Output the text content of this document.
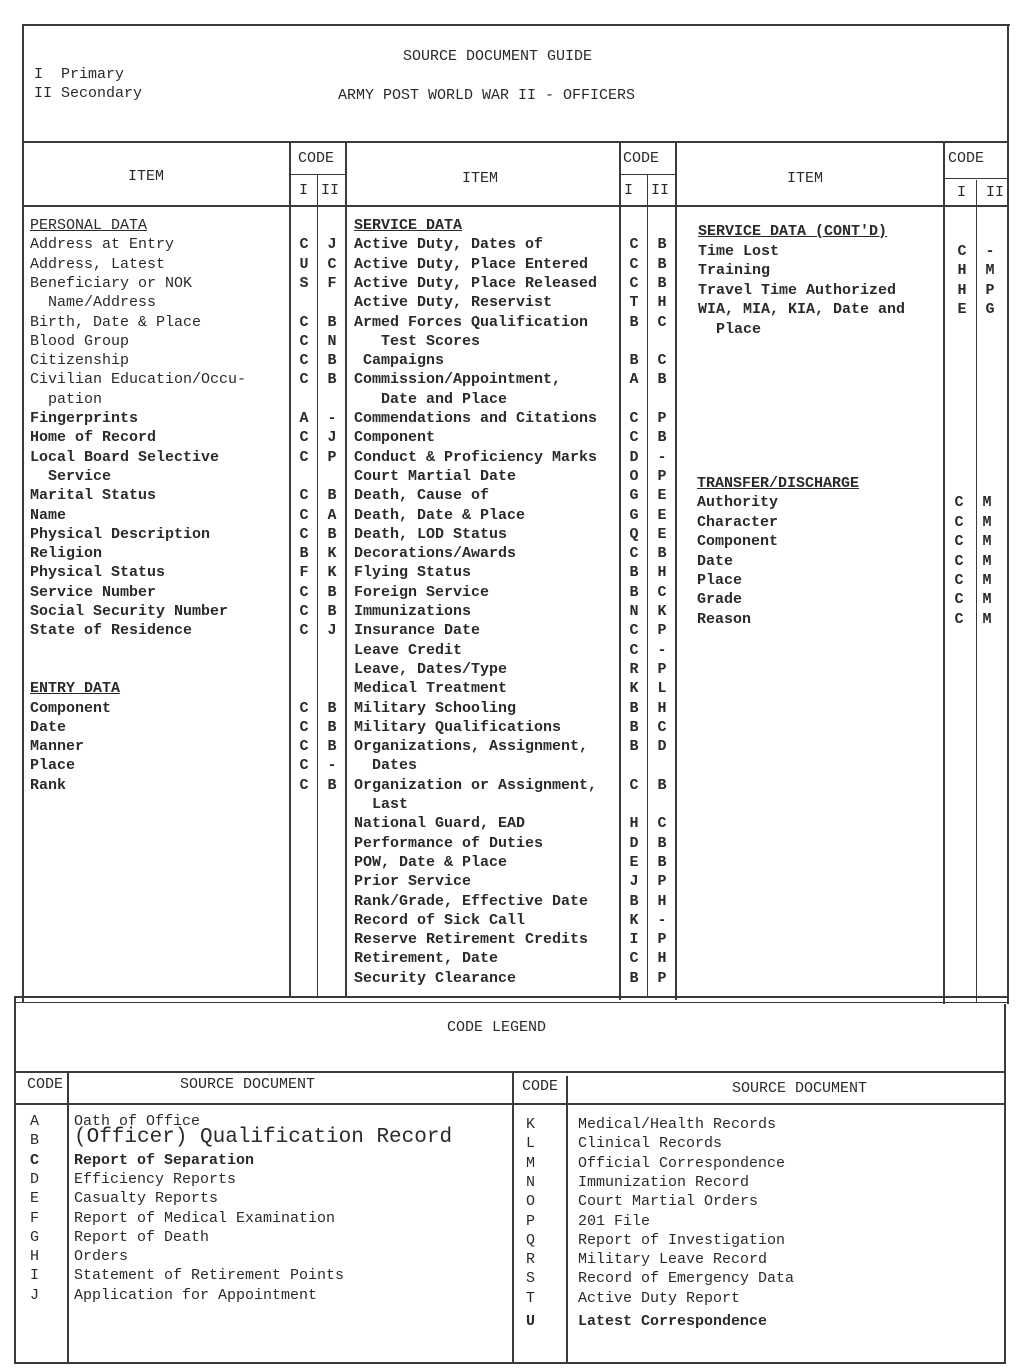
I  Primary
II Secondary
SOURCE DOCUMENT GUIDE
ARMY POST WORLD WAR II - OFFICERS
ITEM
CODE
I II
ITEM
CODE
I II
ITEM
CODE
I II
PERSONAL DATA
Address at Entry	C	J
Address, Latest	U	C
Beneficiary or NOK	S	F
Name/Address
Birth, Date & Place	C	B
Blood Group	C	N
Citizenship	C	B
Civilian Education/Occu-	C	B
pation
Fingerprints	A	-
Home of Record	C	J
Local Board Selective	C	P
Service
Marital Status	C	B
Name	C	A
Physical Description	C	B
Religion	B	K
Physical Status	F	K
Service Number	C	B
Social Security Number	C	B
State of Residence	C	J
ENTRY DATA
Component	C	B
Date	C	B
Manner	C	B
Place	C	-
Rank	C	B
SERVICE DATA
Active Duty, Dates of	C	B
Active Duty, Place Entered	C	B
Active Duty, Place Released	C	B
Active Duty, Reservist	T	H
Armed Forces Qualification	B	C
Test Scores
Campaigns	B	C
Commission/Appointment,	A	B
Date and Place
Commendations and Citations	C	P
Component	C	B
Conduct & Proficiency Marks	D	-
Court Martial Date	O	P
Death, Cause of	G	E
Death, Date & Place	G	E
Death, LOD Status	Q	E
Decorations/Awards	C	B
Flying Status	B	H
Foreign Service	B	C
Immunizations	N	K
Insurance Date	C	P
Leave Credit	C	-
Leave, Dates/Type	R	P
Medical Treatment	K	L
Military Schooling	B	H
Military Qualifications	B	C
Organizations, Assignment,	B	D
Dates
Organization or Assignment,	C	B
Last
National Guard, EAD	H	C
Performance of Duties	D	B
POW, Date & Place	E	B
Prior Service	J	P
Rank/Grade, Effective Date	B	H
Record of Sick Call	K	-
Reserve Retirement Credits	I	P
Retirement, Date	C	H
Security Clearance	B	P
SERVICE DATA (CONT'D)
Time Lost	C	-
Training	H	M
Travel Time Authorized	H	P
WIA, MIA, KIA, Date and	E	G
Place
TRANSFER/DISCHARGE
Authority	C	M
Character	C	M
Component	C	M
Date	C	M
Place	C	M
Grade	C	M
Reason	C	M
CODE LEGEND
CODE	SOURCE DOCUMENT	CODE	SOURCE DOCUMENT
A Oath of Office
B (Officer) Qualification Record
C Report of Separation
D Efficiency Reports
E Casualty Reports
F Report of Medical Examination
G Report of Death
H Orders
I Statement of Retirement Points
J Application for Appointment
K	Medical/Health Records
L	Clinical Records
M	Official Correspondence
N	Immunization Record
O	Court Martial Orders
P	201 File
Q	Report of Investigation
R	Military Leave Record
S	Record of Emergency Data
T	Active Duty Report
U	Latest Correspondence
